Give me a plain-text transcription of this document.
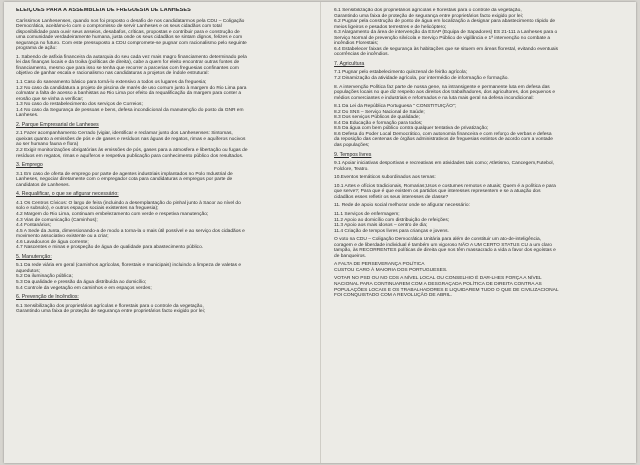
ELEIÇÕES PARA A ASSEMBLEIA DE FREGUESIA DE LANHESES

Caríssimos Lanhesenses, quando nos foi proposto o desafio de nos candidatarmos pela CDU – Coligação
Democrática, aceitámo-lo com o compromisso de servir Lanheses e os seus cidadãos com total
disponibilidade para ouvir seus anseios, desabafos, críticas, propostas e contribuir para e construção de
uma comunidade verdadeiramente humana, justa onde os seus cidadãos se sintam dignos, felizes e com
segurança no futuro. Com este pressuposto a CDU compromete-se pugnar com racionalismo pelo seguinte
programa de ação:

1. Sabendo de asfixia financeira da autarquia do seu cada vez mais magro financiamento determinado pela
lei das finanças locais e da troika (políticas de direita), cabe a quem for eleito encontrar outras fontes de
financiamento, mesmo que para isso se tenha que recorrer a parcerias com freguesias confinantes com
objetivo de ganhar escala e racionalismo nas candidaturas a projetos de índole estrutural:

1.1 Caso do saneamento básico para torná-lo extensivo a todos os lugares da freguesia;
1.2 No caso da candidatura a projeto de piscina de marés de uso comum junto à margem do Rio Lima para
colmatar a falta de acesso a banhistas ao Rio Lima por efeito da requalificação da margem para conter a
erosão que se vinha a verificar;
1.3 No caso do restabelecimento dos serviços de Correios;
1.4 No caso da Segurança de pessoas e bens, defesa incondicional da manutenção do posto da GNR em
Lanheses.

2. Parque Empresarial de Lanheses

2.1 Fazer acompanhamento Cerrado (vigiar, identificar e reclamar junto dos Lanhesenses: Sintomas,
queixas quanto a emissões de pós e de gases e resíduos nas águas de regatos, rimas e aquíferos nocivos
ao ser humano fauna e flora)
2.2 Exigir monitorizações obrigatórias às emissões de pós, gases para a atmosfera e libertação ou fugas de
resíduos em regatos, rimas e aquíferos e respetiva publicação para conhecimento público dos resultados.

3. Emprego

3.1 Em caso de oferta de emprego por parte de agentes industriais implantados no Polo Industrial de
Lanheses, negociar diretamente com o empregador cota para candidaturas a empregos por parte de
candidatos de Lanheses.

4. Requalificar, o que se afigurar necessário:

4.1 Os Centros Cívicos: O largo de feira (incluindo a desemplantação do pinhal junto à Sacor ao nível do
solo e subsolo), e outros espaços sociais existentes na freguesia);
4.2 Margem do Rio Lima, continuam embelezamento com verde e respetiva manutenção;
4.3 Vias de comunicação (Caminhos);
4.4 Fontanários;
4.5 A Sede da Junta, dimensionando-a de modo a torna-la o mais útil possível e ao serviço dos cidadãos e
movimento associativo existente ou a criar;
4.6 Lavadouros de água corrente;
4.7 Nascentes e minas e prospeção de água de qualidade para abastecimento público.

5. Manutenção:

5.1 Da rede viária em geral (caminhos agrícolas, florestais e municipais) incluindo a limpeza de valetas e
aquedutos;
5.2 Da iluminação pública;
5.3 Da qualidade e pressão da água distribuída ao domicílio;
5.4 Controle da vegetação em caminhos e em espaços verdes;

6. Prevenção de Incêndios:

6.1 Sensibilização dos proprietários agrícolas e florestais para o controle da vegetação,
Garantindo uma faixa de proteção de segurança entre proprietários facto exigido por lei;

6.1 Sensibilização dos proprietários agrícolas e florestais para o controle da vegetação,
Garantindo uma faixa de proteção de segurança entre proprietários facto exigido por lei;
6.2 Pugnar pela construção de ponto de água em localização a designar para abastecimento rápido de
meios ligeiros e pesados terrestres e de helicóptero;
6.3 Alargamento da área de intervenção da ESAP (Equipa de Sapadores) ES 21-111 a Lanheses para o
Serviço Normal de prevenção silvícola e Serviço Público de vigilância e 1ª intervenção no combate a
incêndios Florestais;
6.4 Estabelecer faixas de segurança às habitações que se situem em áreas florestal, evitando eventuais
ocorrências de incêndios.

7. Agricultura

7.1 Pugnar pelo estabelecimento quinzenal de feirão agrícola;
7.2 Dinamização da atividade agrícola, por intermédio de informação e formação.

8. A intervenção Política faz parte de nossa gene, na intransigente e permanente luta em defesa das
populações locais no que diz respeito aos direitos dos trabalhadores, dos agricultores, dos pequenos e
médios comerciantes e industriais e reformados e na luta mais geral na defesa incondicional:

8.1 Da Lei da República Portuguesa " CONSTITUIÇÃO";
8.2 Do SNS – Serviço Nacional de Saúde;
8.3 Dos serviços Públicos de qualidade;
8.4 Da Educação e formação para todos;
8.5 Da água com bem público contra qualquer tentativa de privatização;
8.6 Defesa do Poder Local Democrático, com autonomia financeira e com reforço de verbas e defesa
da reposição das centenas de órgãos administrativos de freguesias extintos de acordo com a vontade
das populações;

9. Tempos livres

9.1 Apoiar iniciativas desportivas e recreativas em atividades tais como; Atletismo, Cancegem,Futebol,
Folclore, Teatro.

10.Eventos temáticos subordinados aos temas:

10.1 Artes e ofícios tradicionais, Romarias;Usos e costumes remotos e atuais; Quem é a política e para
que serve?; Para que é que existem os partidos que interesses representem e se a atuação dos
cidadãos esses refletir os seus interesses de classe?

11. Rede de apoio social melhorar onde se afigurar necessário:

11.1 Serviços de enfermagem;
11.2 Apoio ao domicílio com distribuição de refeições;
11.3 Apoio aos mais idosos – centro de dia;
11.4 Criação de tempos livres para crianças e jovens.

O voto na CDU – Coligação Democrática Unitária para além de constituir um ato-de-inteligência,
coragem e de liberdade individual é também um vigoroso NÃO A UM CERTO STATUS CU a um claro
tampão, às RECORRENTES políticas de direita que nos têm massacrado a vida a favor dos egoístas e
de banqueiros.

A FALTA DE PERSEVERANÇA POLÍTICA
CUSTOU CARO À MAIORIA DOS PORTUGUESES.

VOTAR NO PSD OU NO CDS A NÍVEL LOCAL OU CONSELHIO É DAR-LHES FORÇA A NÍVEL
NACIONAL PARA CONTINUAREM COM A DESGRAÇADA POLÍTICA DE DIREITA CONTRA AS
POPULAÇÕES LOCAIS E OS TRABALHADORES E LIQUIDAREM TUDO O QUE DE CIVILIZACIONAL
FOI CONQUISTADO COM A REVOLUÇÃO DE ABRIL.
